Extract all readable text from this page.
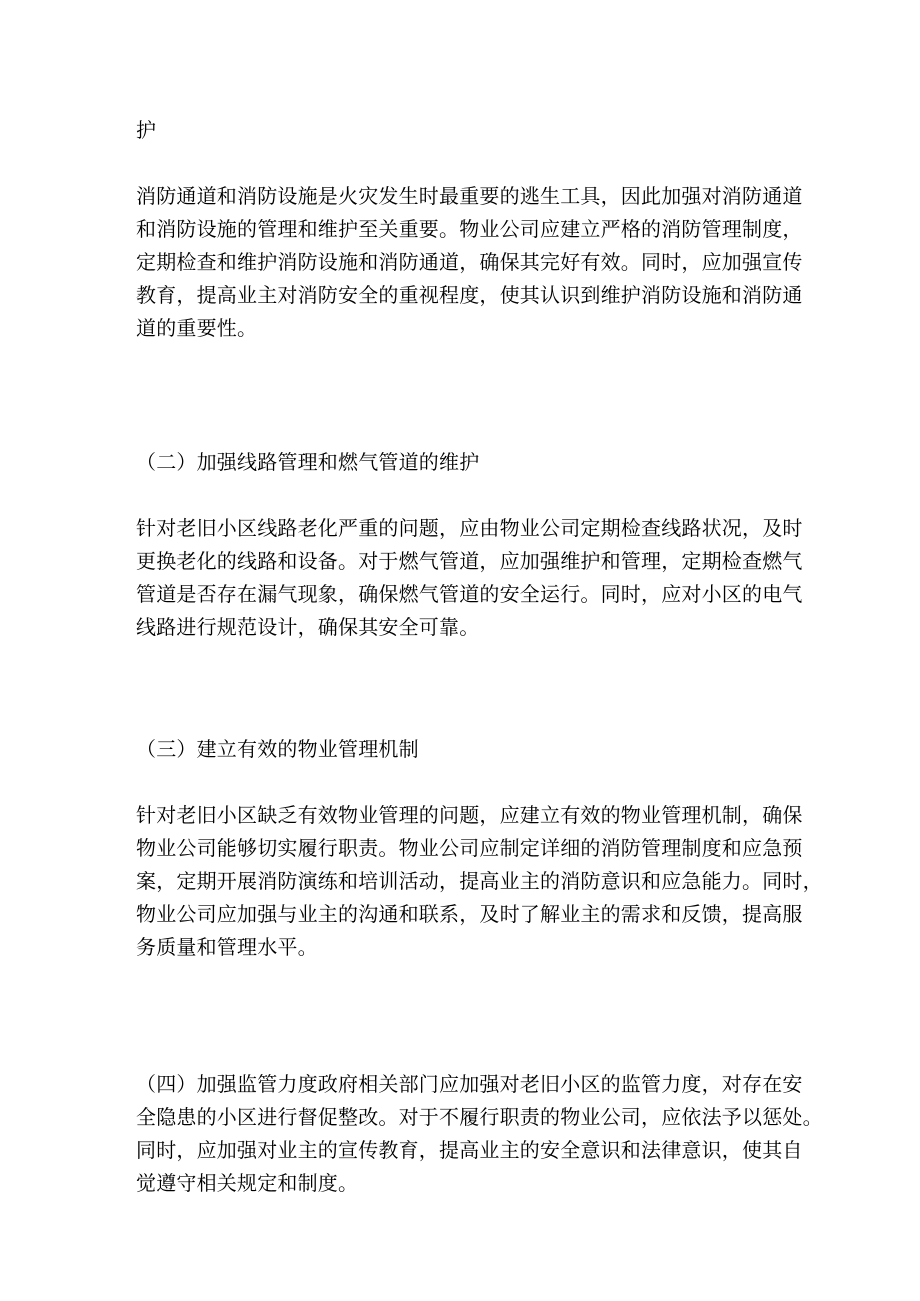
护
消防通道和消防设施是火灾发生时最重要的逃生工具，因此加强对消防通道
和消防设施的管理和维护至关重要。物业公司应建立严格的消防管理制度，
定期检查和维护消防设施和消防通道，确保其完好有效。同时，应加强宣传
教育，提高业主对消防安全的重视程度，使其认识到维护消防设施和消防通
道的重要性。
（二）加强线路管理和燃气管道的维护
针对老旧小区线路老化严重的问题，应由物业公司定期检查线路状况，及时
更换老化的线路和设备。对于燃气管道，应加强维护和管理，定期检查燃气
管道是否存在漏气现象，确保燃气管道的安全运行。同时，应对小区的电气
线路进行规范设计，确保其安全可靠。
（三）建立有效的物业管理机制
针对老旧小区缺乏有效物业管理的问题，应建立有效的物业管理机制，确保
物业公司能够切实履行职责。物业公司应制定详细的消防管理制度和应急预
案，定期开展消防演练和培训活动，提高业主的消防意识和应急能力。同时，
物业公司应加强与业主的沟通和联系，及时了解业主的需求和反馈，提高服
务质量和管理水平。
（四）加强监管力度政府相关部门应加强对老旧小区的监管力度，对存在安
全隐患的小区进行督促整改。对于不履行职责的物业公司，应依法予以惩处。
同时，应加强对业主的宣传教育，提高业主的安全意识和法律意识，使其自
觉遵守相关规定和制度。
